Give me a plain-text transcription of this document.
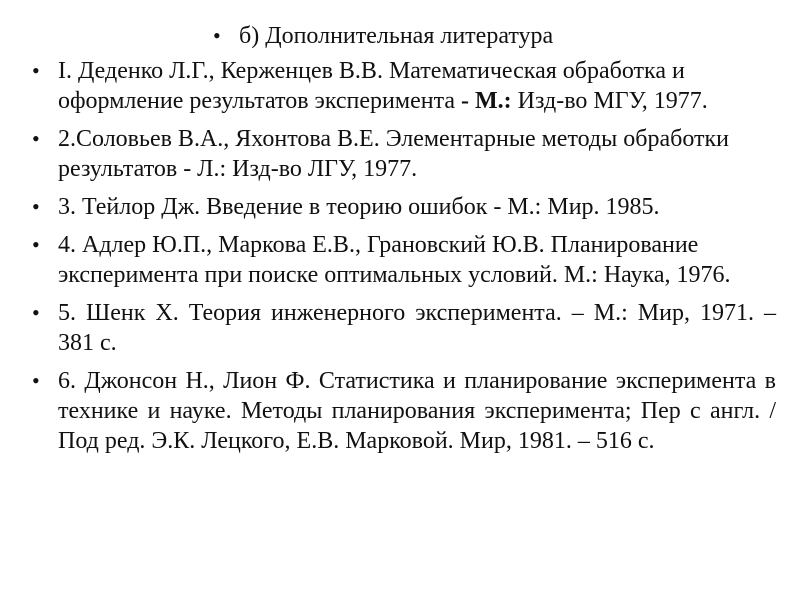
• б) Дополнительная литература
• I. Деденко Л.Г., Керженцев В.В. Математическая обработка и оформление результатов эксперимента - М.: Изд-во МГУ, 1977.
• 2.Соловьев В.А., Яхонтова В.Е. Элементарные методы обработки результатов - Л.: Изд-во ЛГУ, 1977.
• 3. Тейлор Дж. Введение в теорию ошибок - М.: Мир. 1985.
• 4. Адлер Ю.П., Маркова Е.В., Грановский Ю.В. Планирование эксперимента при поиске оптимальных условий. М.: Наука, 1976.
• 5. Шенк Х. Теория инженерного эксперимента. – М.: Мир, 1971. – 381 с.
• 6. Джонсон Н., Лион Ф. Статистика и планирование эксперимента в технике и науке. Методы планирования эксперимента; Пер с англ. /Под ред. Э.К. Лецкого, Е.В. Марковой. Мир, 1981. – 516 с.
